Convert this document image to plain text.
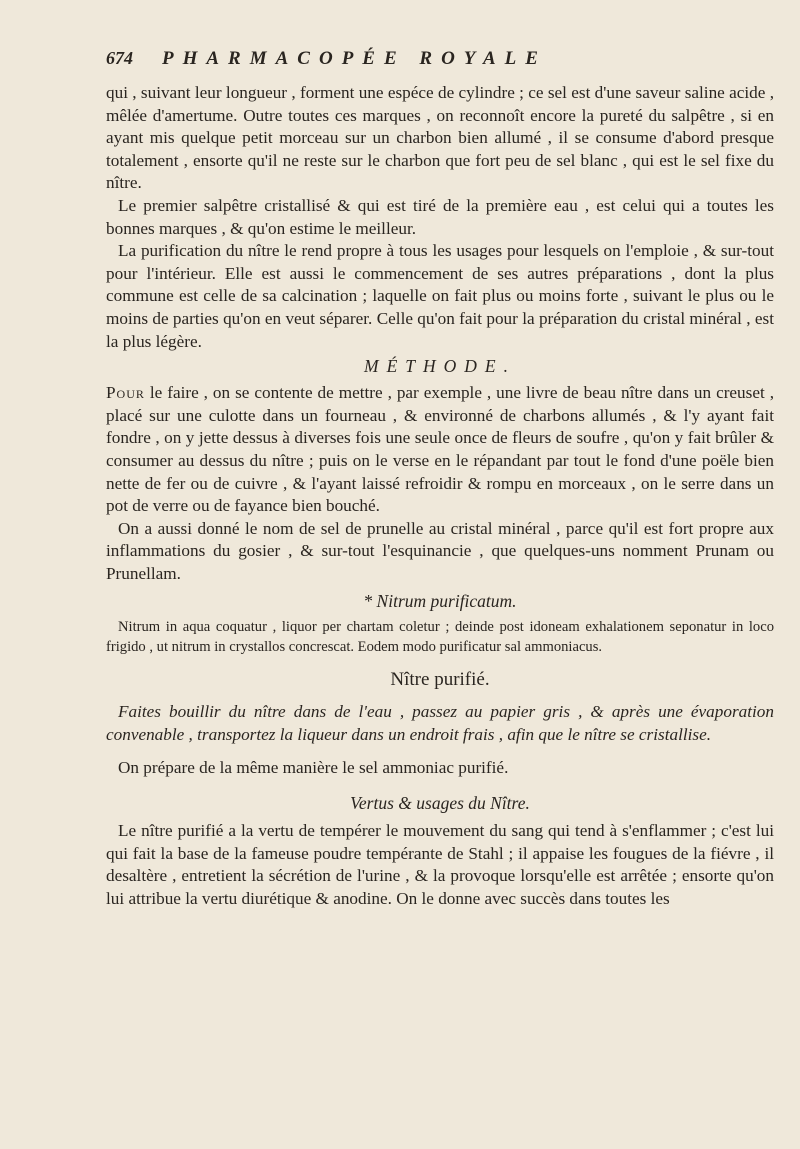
674	PHARMACOPÉE ROYALE

qui , suivant leur longueur , forment une espéce de cylindre ; ce sel est d'une saveur saline acide , mêlée d'amertume. Outre toutes ces marques , on reconnoît encore la pureté du salpêtre , si en ayant mis quelque petit morceau sur un charbon bien allumé , il se consume d'abord presque totalement , ensorte qu'il ne reste sur le charbon que fort peu de sel blanc , qui est le sel fixe du nître.

Le premier salpêtre cristallisé & qui est tiré de la première eau , est celui qui a toutes les bonnes marques , & qu'on estime le meilleur.

La purification du nître le rend propre à tous les usages pour lesquels on l'emploie , & sur-tout pour l'intérieur. Elle est aussi le commencement de ses autres préparations , dont la plus commune est celle de sa calcination ; laquelle on fait plus ou moins forte , suivant le plus ou le moins de parties qu'on en veut séparer. Celle qu'on fait pour la préparation du cristal minéral , est la plus légère.

MÉTHODE.

Pour le faire , on se contente de mettre , par exemple , une livre de beau nître dans un creuset , placé sur une culotte dans un fourneau , & environné de charbons allumés , & l'y ayant fait fondre , on y jette dessus à diverses fois une seule once de fleurs de soufre , qu'on y fait brûler & consumer au dessus du nître ; puis on le verse en le répandant par tout le fond d'une poële bien nette de fer ou de cuivre , & l'ayant laissé refroidir & rompu en morceaux , on le serre dans un pot de verre ou de fayance bien bouché.

On a aussi donné le nom de sel de prunelle au cristal minéral , parce qu'il est fort propre aux inflammations du gosier , & sur-tout l'esquinancie , que quelques-uns nomment Prunam ou Prunellam.

* Nitrum purificatum.

Nitrum in aqua coquatur , liquor per chartam coletur ; deinde post idoneam exhalationem seponatur in loco frigido , ut nitrum in crystallos concrescat. Eodem modo purificatur sal ammoniacus.

Nître purifié.

Faites bouillir du nître dans de l'eau , passez au papier gris , & après une évaporation convenable , transportez la liqueur dans un endroit frais , afin que le nître se cristallise.

On prépare de la même manière le sel ammoniac purifié.

Vertus & usages du Nître.

Le nître purifié a la vertu de tempérer le mouvement du sang qui tend à s'enflammer ; c'est lui qui fait la base de la fameuse poudre tempérante de Stahl ; il appaise les fougues de la fiévre , il desaltère , entretient la sécrétion de l'urine , & la provoque lorsqu'elle est arrêtée ; ensorte qu'on lui attribue la vertu diurétique & anodine. On le donne avec succès dans toutes les
